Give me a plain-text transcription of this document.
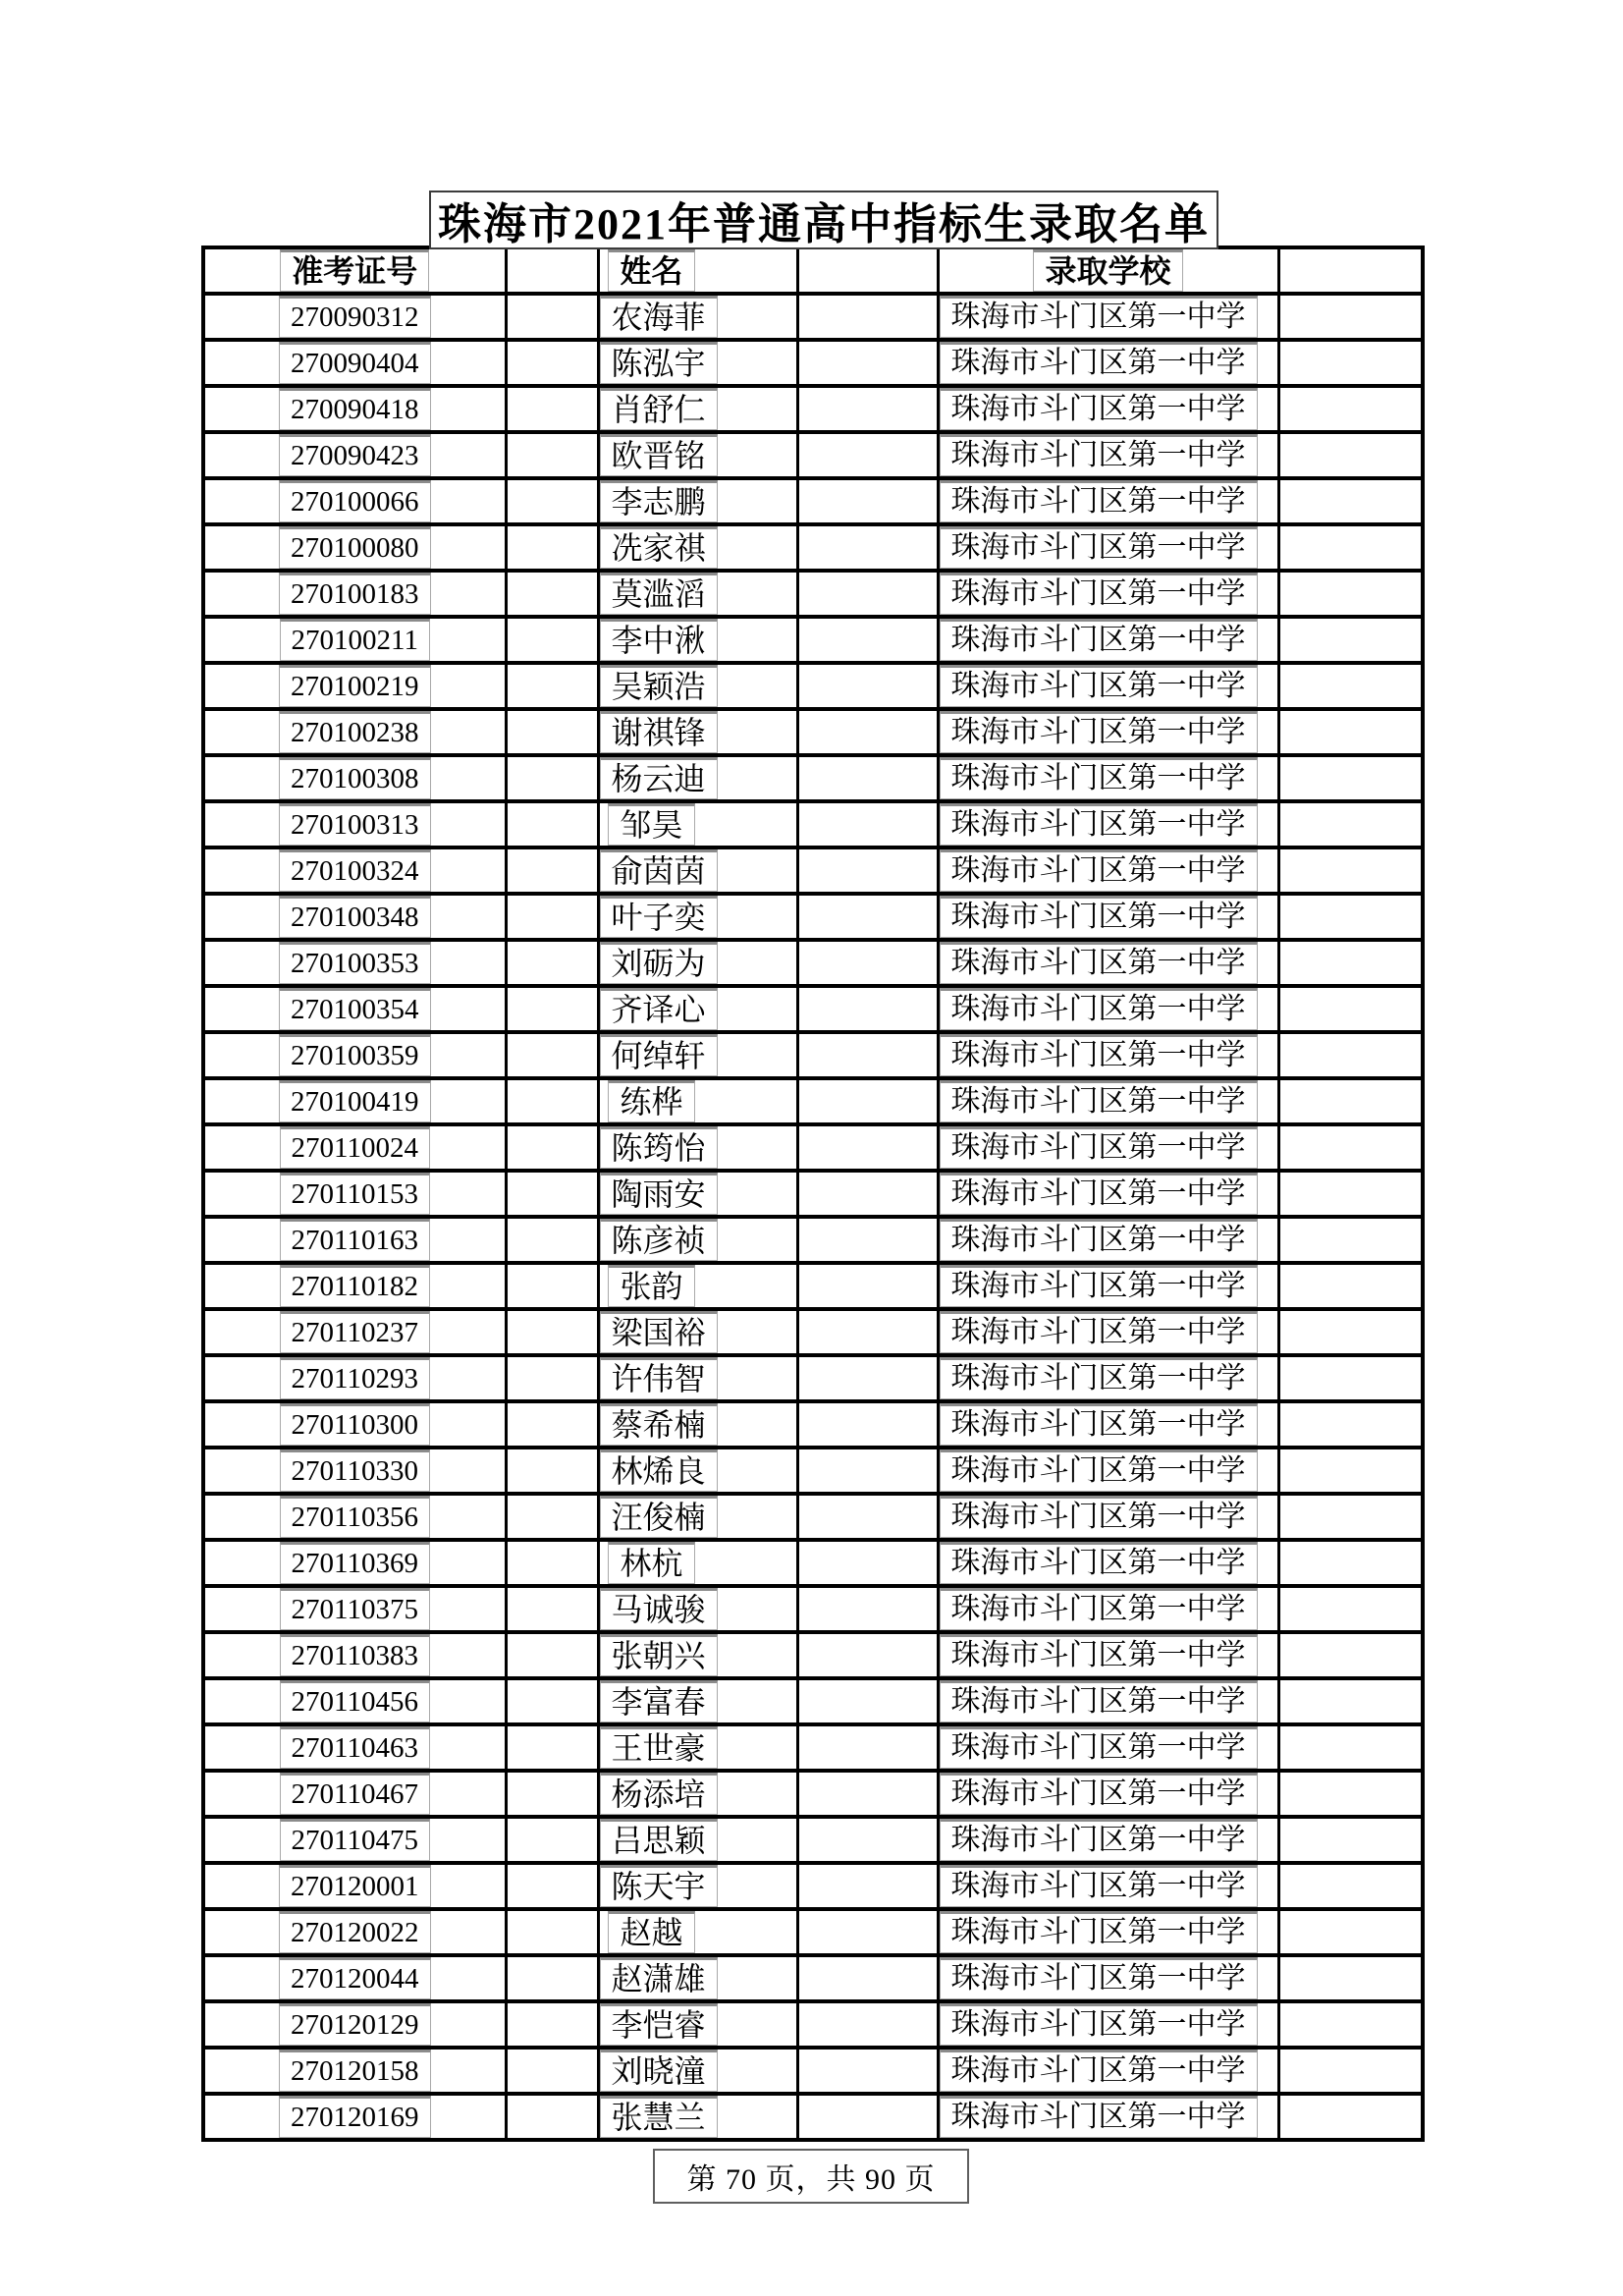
珠海市2021年普通高中指标生录取名单
准考证号		姓名		录取学校	
270090312		农海菲		珠海市斗门区第一中学	
270090404		陈泓宇		珠海市斗门区第一中学	
270090418		肖舒仁		珠海市斗门区第一中学	
270090423		欧晋铭		珠海市斗门区第一中学	
270100066		李志鹏		珠海市斗门区第一中学	
270100080		冼家祺		珠海市斗门区第一中学	
270100183		莫滥滔		珠海市斗门区第一中学	
270100211		李中湫		珠海市斗门区第一中学	
270100219		吴颖浩		珠海市斗门区第一中学	
270100238		谢祺锋		珠海市斗门区第一中学	
270100308		杨云迪		珠海市斗门区第一中学	
270100313		邹昊		珠海市斗门区第一中学	
270100324		俞茵茵		珠海市斗门区第一中学	
270100348		叶子奕		珠海市斗门区第一中学	
270100353		刘砺为		珠海市斗门区第一中学	
270100354		齐译心		珠海市斗门区第一中学	
270100359		何绰轩		珠海市斗门区第一中学	
270100419		练桦		珠海市斗门区第一中学	
270110024		陈筠怡		珠海市斗门区第一中学	
270110153		陶雨安		珠海市斗门区第一中学	
270110163		陈彦祯		珠海市斗门区第一中学	
270110182		张韵		珠海市斗门区第一中学	
270110237		梁国裕		珠海市斗门区第一中学	
270110293		许伟智		珠海市斗门区第一中学	
270110300		蔡希楠		珠海市斗门区第一中学	
270110330		林烯良		珠海市斗门区第一中学	
270110356		汪俊楠		珠海市斗门区第一中学	
270110369		林杭		珠海市斗门区第一中学	
270110375		马诚骏		珠海市斗门区第一中学	
270110383		张朝兴		珠海市斗门区第一中学	
270110456		李富春		珠海市斗门区第一中学	
270110463		王世豪		珠海市斗门区第一中学	
270110467		杨添培		珠海市斗门区第一中学	
270110475		吕思颖		珠海市斗门区第一中学	
270120001		陈天宇		珠海市斗门区第一中学	
270120022		赵越		珠海市斗门区第一中学	
270120044		赵潇雄		珠海市斗门区第一中学	
270120129		李恺睿		珠海市斗门区第一中学	
270120158		刘晓潼		珠海市斗门区第一中学	
270120169		张慧兰		珠海市斗门区第一中学	
第 70 页，共 90 页
